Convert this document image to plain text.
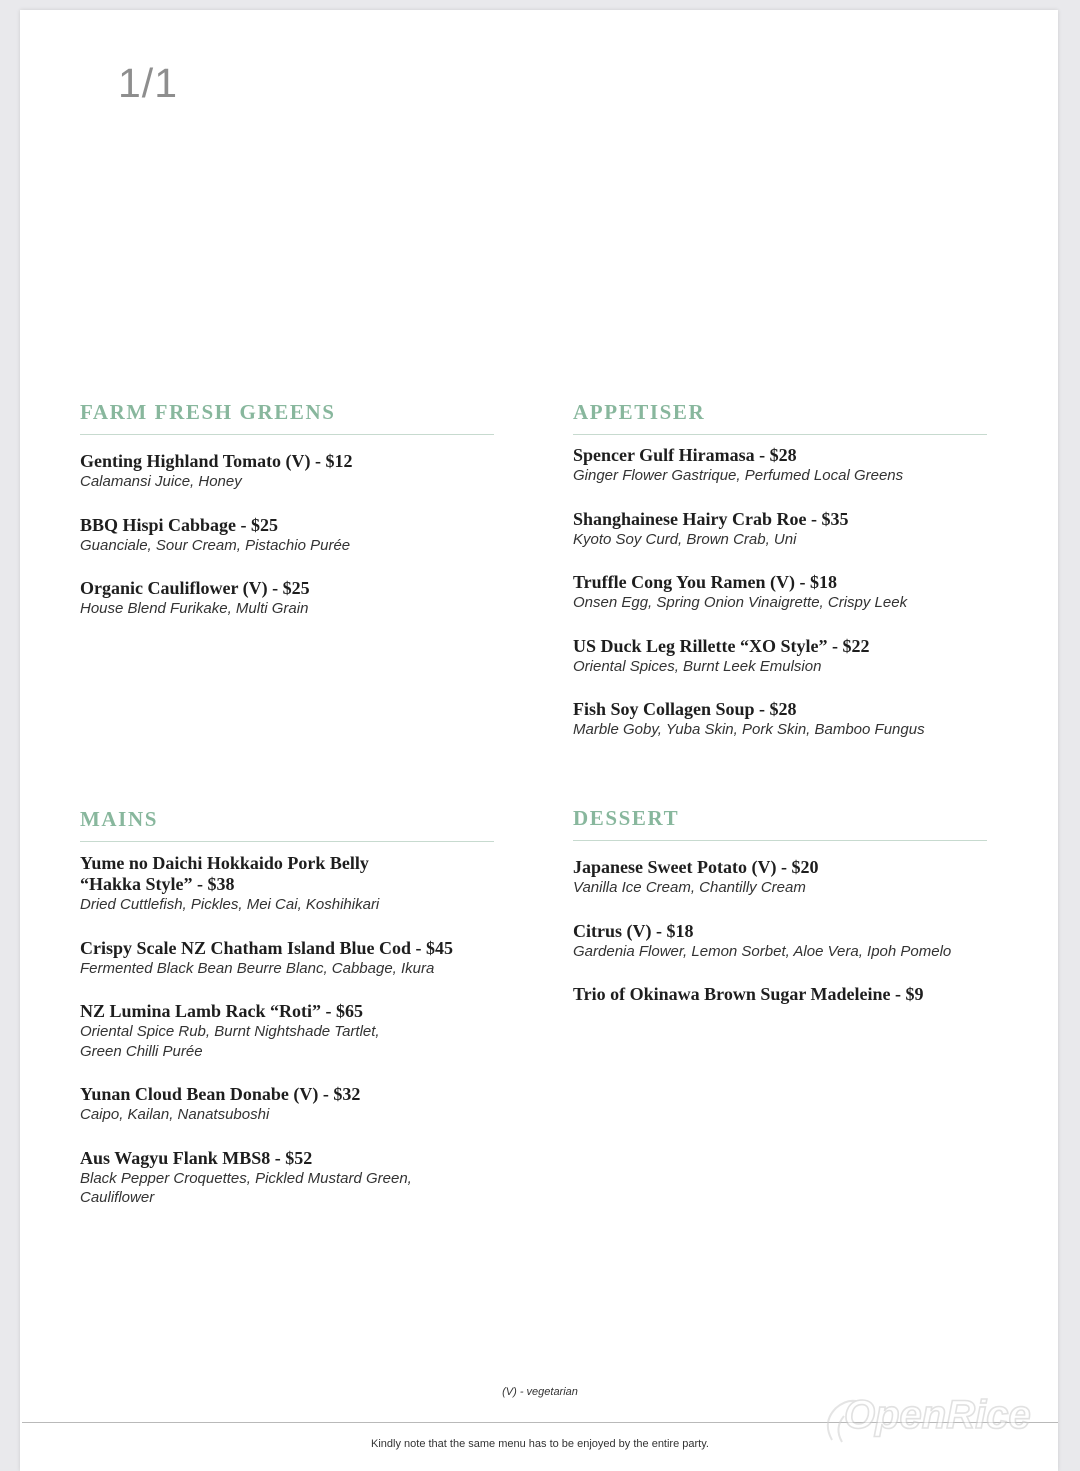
1/1
FARM FRESH GREENS
Genting Highland Tomato (V) - $12
Calamansi Juice, Honey
BBQ Hispi Cabbage - $25
Guanciale, Sour Cream, Pistachio Purée
Organic Cauliflower (V) - $25
House Blend Furikake, Multi Grain
APPETISER
Spencer Gulf Hiramasa - $28
Ginger Flower Gastrique, Perfumed Local Greens
Shanghainese Hairy Crab Roe - $35
Kyoto Soy Curd, Brown Crab, Uni
Truffle Cong You Ramen (V) - $18
Onsen Egg, Spring Onion Vinaigrette, Crispy Leek
US Duck Leg Rillette “XO Style” - $22
Oriental Spices, Burnt Leek Emulsion
Fish Soy Collagen Soup - $28
Marble Goby, Yuba Skin, Pork Skin, Bamboo Fungus
MAINS
Yume no Daichi Hokkaido Pork Belly
“Hakka Style” - $38
Dried Cuttlefish, Pickles, Mei Cai, Koshihikari
Crispy Scale NZ Chatham Island Blue Cod - $45
Fermented Black Bean Beurre Blanc, Cabbage, Ikura
NZ Lumina Lamb Rack “Roti” - $65
Oriental Spice Rub, Burnt Nightshade Tartlet,
Green Chilli Purée
Yunan Cloud Bean Donabe (V) - $32
Caipo, Kailan, Nanatsuboshi
Aus Wagyu Flank MBS8 - $52
Black Pepper Croquettes, Pickled Mustard Green,
Cauliflower
DESSERT
Japanese Sweet Potato (V) - $20
Vanilla Ice Cream, Chantilly Cream
Citrus (V) - $18
Gardenia Flower, Lemon Sorbet, Aloe Vera, Ipoh Pomelo
Trio of Okinawa Brown Sugar Madeleine - $9
(V) - vegetarian
Kindly note that the same menu has to be enjoyed by the entire party.
OpenRice
